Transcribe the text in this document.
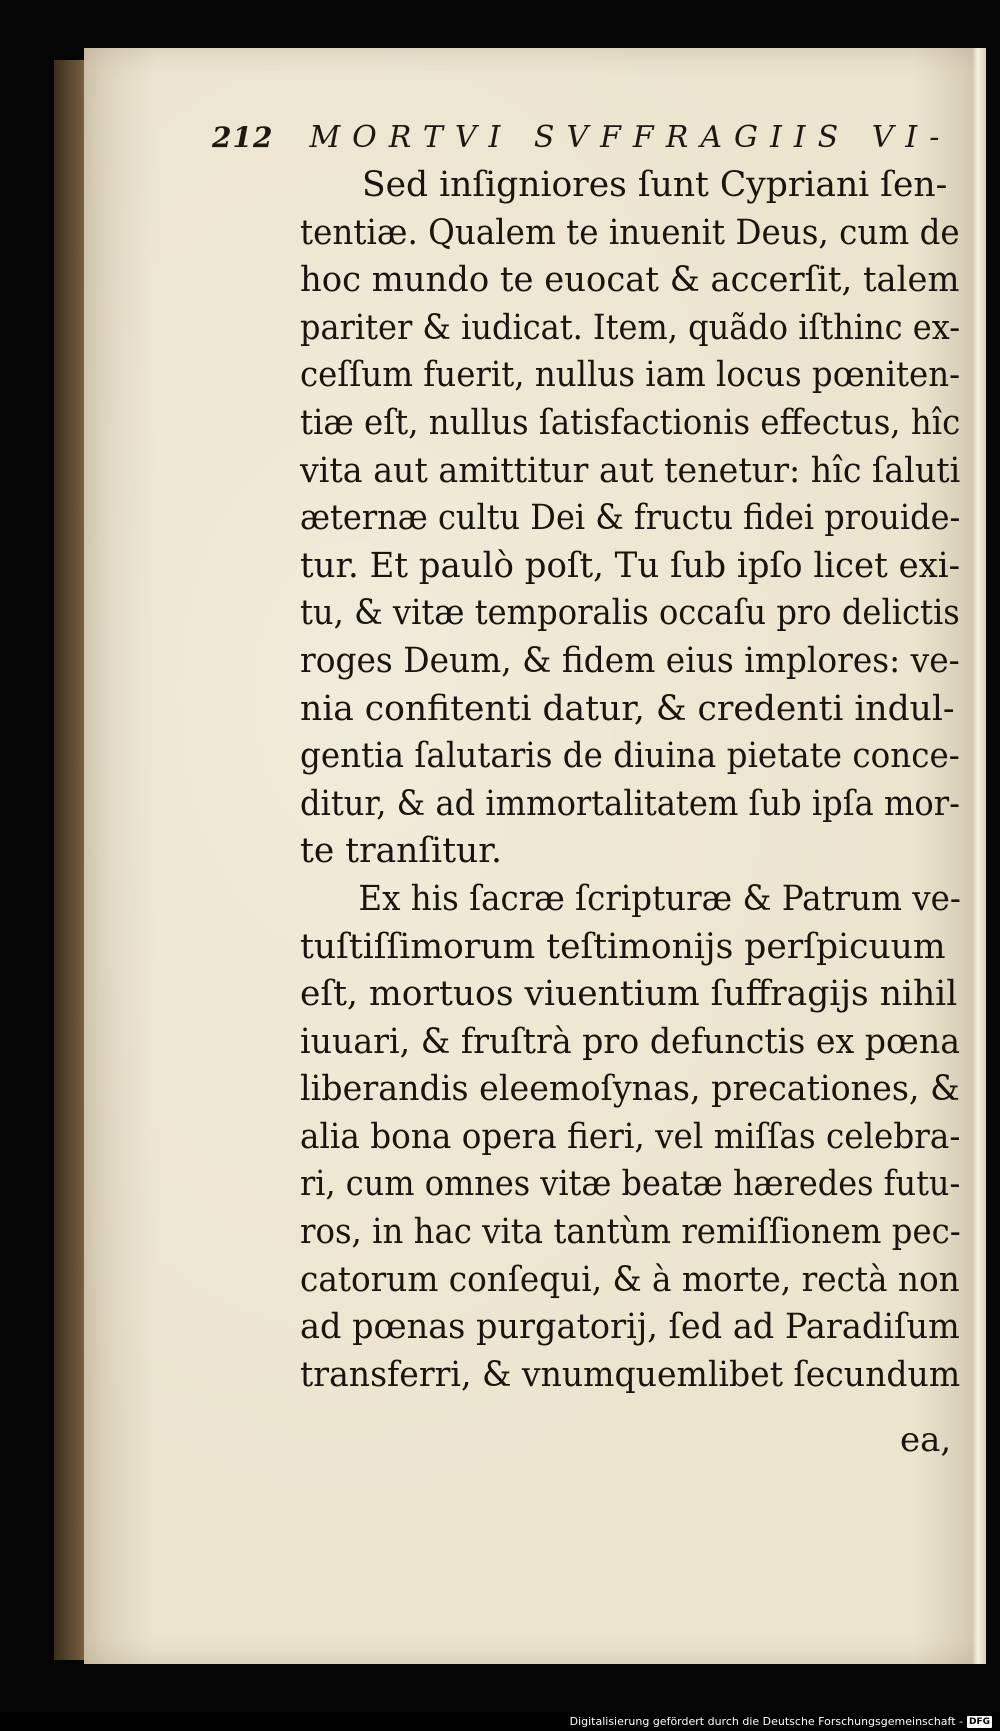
212 MORTVI SVFFRAGIIS VI-
Sed inſigniores ſunt Cypriani ſen-
tentiæ. Qualem te inuenit Deus, cum de
hoc mundo te euocat & accerſit, talem
pariter & iudicat. Item, quãdo iſthinc ex-
ceſſum fuerit, nullus iam locus pœniten-
tiæ eſt, nullus ſatisfactionis effectus, hîc
vita aut amittitur aut tenetur: hîc ſaluti
æternæ cultu Dei & fructu fidei prouide-
tur. Et paulò poſt, Tu ſub ipſo licet exi-
tu, & vitæ temporalis occaſu pro delictis
roges Deum, & fidem eius implores: ve-
nia confitenti datur, & credenti indul-
gentia ſalutaris de diuina pietate conce-
ditur, & ad immortalitatem ſub ipſa mor-
te tranſitur.
Ex his ſacræ ſcripturæ & Patrum ve-
tuſtiſſimorum teſtimonijs perſpicuum
eſt, mortuos viuentium ſuffragijs nihil
iuuari, & fruſtrà pro defunctis ex pœna
liberandis eleemoſynas, precationes, &
alia bona opera fieri, vel miſſas celebra-
ri, cum omnes vitæ beatæ hæredes futu-
ros, in hac vita tantùm remiſſionem pec-
catorum conſequi, & à morte, rectà non
ad pœnas purgatorij, ſed ad Paradiſum
transferri, & vnumquemlibet ſecundum
ea,
Digitalisierung gefördert durch die Deutsche Forschungsgemeinschaft - DFG
